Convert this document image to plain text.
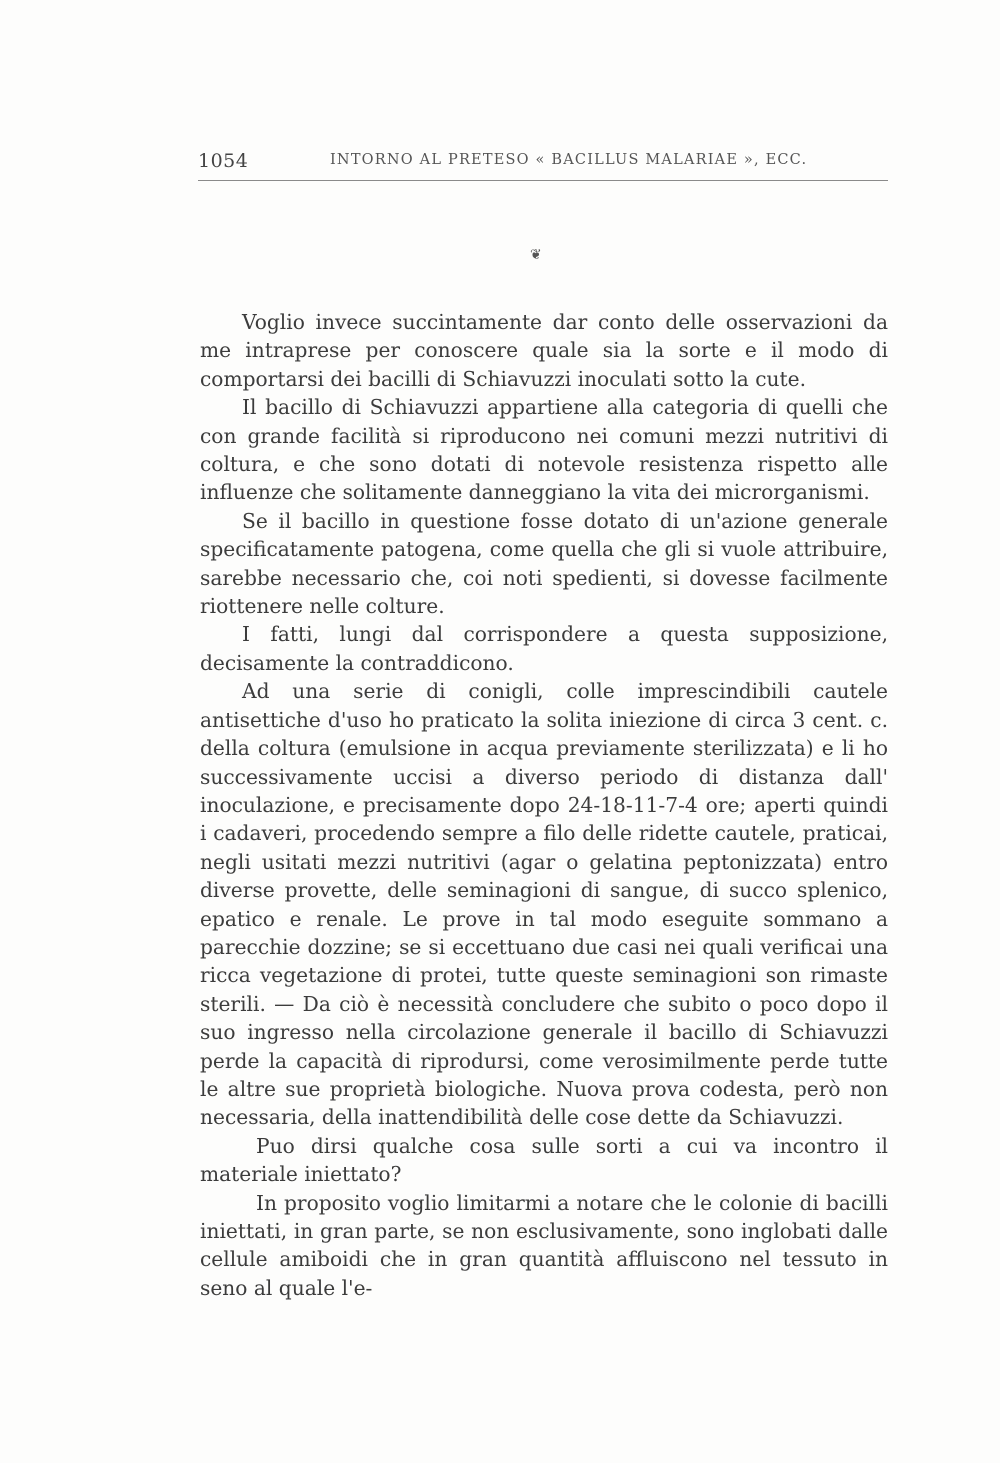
1054	INTORNO AL PRETESO « BACILLUS MALARIAE », ECC.
❦

Voglio invece succintamente dar conto delle osservazioni da me intraprese per conoscere quale sia la sorte e il modo di comportarsi dei bacilli di Schiavuzzi inoculati sotto la cute.

Il bacillo di Schiavuzzi appartiene alla categoria di quelli che con grande facilità si riproducono nei comuni mezzi nutritivi di coltura, e che sono dotati di notevole resistenza rispetto alle influenze che solitamente danneggiano la vita dei microrganismi.

Se il bacillo in questione fosse dotato di un'azione generale specificatamente patogena, come quella che gli si vuole attribuire, sarebbe necessario che, coi noti spedienti, si dovesse facilmente riottenere nelle colture.

I fatti, lungi dal corrispondere a questa supposizione, decisamente la contraddicono.

Ad una serie di conigli, colle imprescindibili cautele antisettiche d'uso ho praticato la solita iniezione di circa 3 cent. c. della coltura (emulsione in acqua previamente sterilizzata) e li ho successivamente uccisi a diverso periodo di distanza dall' inoculazione, e precisamente dopo 24-18-11-7-4 ore; aperti quindi i cadaveri, procedendo sempre a filo delle ridette cautele, praticai, negli usitati mezzi nutritivi (agar o gelatina peptonizzata) entro diverse provette, delle seminagioni di sangue, di succo splenico, epatico e renale. Le prove in tal modo eseguite sommano a parecchie dozzine; se si eccettuano due casi nei quali verificai una ricca vegetazione di protei, tutte queste seminagioni son rimaste sterili. — Da ciò è necessità concludere che subito o poco dopo il suo ingresso nella circolazione generale il bacillo di Schiavuzzi perde la capacità di riprodursi, come verosimilmente perde tutte le altre sue proprietà biologiche. Nuova prova codesta, però non necessaria, della inattendibilità delle cose dette da Schiavuzzi.

Puo dirsi qualche cosa sulle sorti a cui va incontro il materiale iniettato?

In proposito voglio limitarmi a notare che le colonie di bacilli iniettati, in gran parte, se non esclusivamente, sono inglobati dalle cellule amiboidi che in gran quantità affluiscono nel tessuto in seno al quale l'e-
